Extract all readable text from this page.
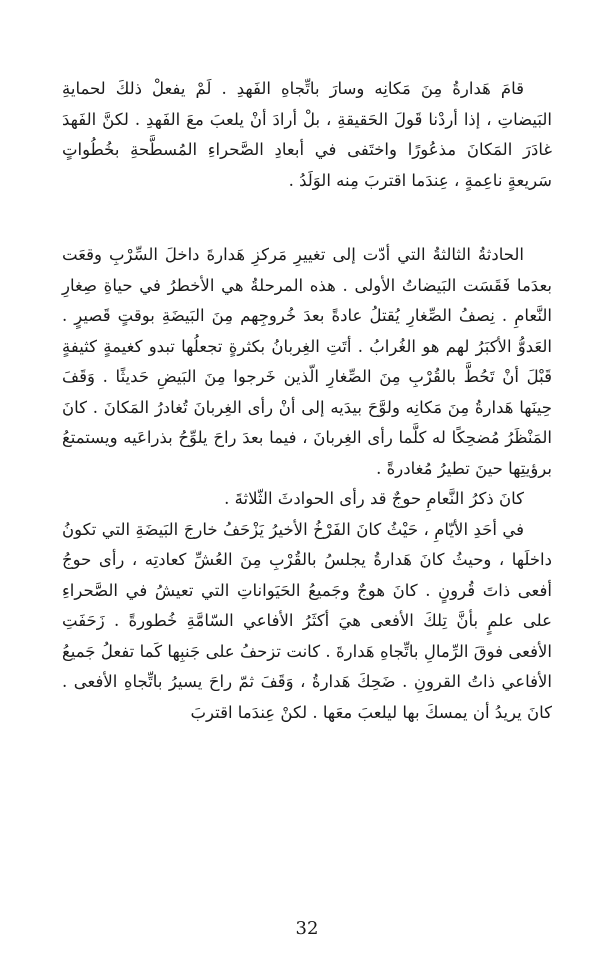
قامَ هَدارةُ مِنَ مَكانِه وسارَ باتِّجاهِ الفَهدِ . لَمْ يفعلْ ذلكَ لحمايةِ البَيضاتِ ، إذا أردْنا قَولَ الحَقيقةِ ، بلْ أرادَ أنْ يلعبَ معَ الفَهدِ . لكنَّ الفَهدَ غادَرَ المَكانَ مذعُورًا واختَفى في أبعادِ الصَّحراءِ المُسطَّحةِ بخُطُواتٍ سَريعةٍ ناعِمةٍ ، عِندَما اقتربَ مِنه الوَلَدُ .

الحادثةُ الثالثةُ التي أدّت إلى تغييرِ مَركزِ هَدارةَ داخلَ السِّرْبِ وقعَت بعدَما فَقَسَت البَيضاتُ الأولى . هذه المرحلةُ هي الأخطرُ في حياةِ صِغارِ النَّعامِ . نِصفُ الصِّغارِ يُقتلُ عادةً بعدَ خُروجِهم مِنَ البَيضَةِ بوقتٍ قَصيرٍ . العَدوُّ الأكبَرُ لهم هو الغُرابُ . أتَتِ الغِربانُ بكثرةٍ تجعلُها تبدو كغيمةٍ كثيفةٍ قَبْلَ أنْ تَحُطَّ بالقُرْبِ مِنَ الصِّغارِ الّذين خَرجوا مِنَ البَيضِ حَديثًا . وَقَفَ حِينَها هَدارةُ مِنَ مَكانِه ولوَّحَ بيدَيه إلى أنْ رأى الغِربانَ تُغادرُ المَكانَ . كانَ المَنْظَرُ مُضحِكًا له كلَّما رأى الغِربانَ ، فيما بعدَ راحَ يلوِّحُ بذراعَيه ويستمتعُ برؤيتِها حينَ تطيرُ مُغادرةً .

كانَ ذكرُ النَّعامِ حوجٌ قد رأى الحوادثَ الثّلاثةَ .

في أحَدِ الأيّامِ ، حَيْثُ كانَ الفَرْخُ الأخيرُ يَزْحَفُ خارجَ البَيضَةِ التي تكونُ داخلَها ، وحيثُ كانَ هَدارةُ يجلسُ بالقُرْبِ مِنَ العُشِّ كعادتِه ، رأى حوجُ أفعى ذاتَ قُرونٍ . كانَ هوجٌ وجَميعُ الحَيَواناتِ التي تعيشُ في الصَّحراءِ على علمٍ بأنَّ تِلكَ الأفعى هيَ أكثَرُ الأفاعي السّامَّةِ خُطورةً . زَحَفَتِ الأفعى فوقَ الرِّمالِ باتِّجاهِ هَدارةَ . كانت تزحفُ على جَنبِها كَما تفعلُ جَميعُ الأفاعي ذاتُ القرونِ . ضَحِكَ هَدارةُ ، وَقَفَ ثمّ راحَ يسيرُ باتِّجاهِ الأفعى . كانَ يريدُ أن يمسكَ بها ليلعبَ معَها . لكنْ عِندَما اقتربَ

32
